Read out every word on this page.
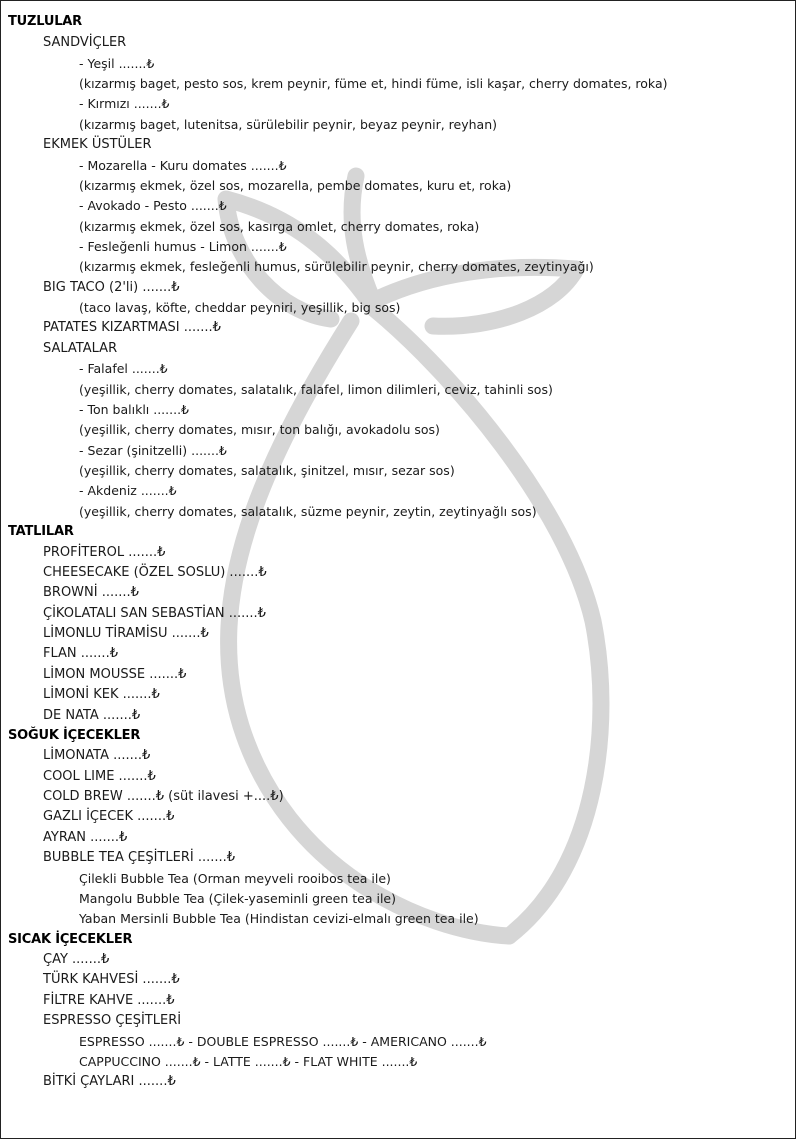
TUZLULAR
SANDVİÇLER
- Yeşil .......₺
(kızarmış baget, pesto sos, krem peynir, füme et, hindi füme, isli kaşar, cherry domates, roka)
- Kırmızı .......₺
(kızarmış baget, lutenitsa, sürülebilir peynir, beyaz peynir, reyhan)
EKMEK ÜSTÜLER
- Mozarella - Kuru domates .......₺
(kızarmış ekmek, özel sos, mozarella, pembe domates, kuru et, roka)
- Avokado - Pesto .......₺
(kızarmış ekmek, özel sos, kasırga omlet, cherry domates, roka)
- Fesleğenli humus - Limon .......₺
(kızarmış ekmek, fesleğenli humus, sürülebilir peynir, cherry domates, zeytinyağı)
BIG TACO (2'li) .......₺
(taco lavaş, köfte, cheddar peyniri, yeşillik, big sos)
PATATES KIZARTMASI .......₺
SALATALAR
- Falafel .......₺
(yeşillik, cherry domates, salatalık, falafel, limon dilimleri, ceviz, tahinli sos)
- Ton balıklı .......₺
(yeşillik, cherry domates, mısır, ton balığı, avokadolu sos)
- Sezar (şinitzelli) .......₺
(yeşillik, cherry domates, salatalık, şinitzel, mısır, sezar sos)
- Akdeniz .......₺
(yeşillik, cherry domates, salatalık, süzme peynir, zeytin, zeytinyağlı sos)
TATLILAR
PROFİTEROL .......₺
CHEESECAKE (ÖZEL SOSLU) .......₺
BROWNİ .......₺
ÇİKOLATALI SAN SEBASTİAN .......₺
LİMONLU TİRAMİSU .......₺
FLAN .......₺
LİMON MOUSSE .......₺
LİMONİ KEK .......₺
DE NATA .......₺
SOĞUK İÇECEKLER
LİMONATA .......₺
COOL LIME .......₺
COLD BREW .......₺ (süt ilavesi +....₺)
GAZLI İÇECEK .......₺
AYRAN .......₺
BUBBLE TEA ÇEŞİTLERİ .......₺
Çilekli Bubble Tea (Orman meyveli rooibos tea ile)
Mangolu Bubble Tea (Çilek-yaseminli green tea ile)
Yaban Mersinli Bubble Tea (Hindistan cevizi-elmalı green tea ile)
SICAK İÇECEKLER
ÇAY .......₺
TÜRK KAHVESİ .......₺
FİLTRE KAHVE .......₺
ESPRESSO ÇEŞİTLERİ
ESPRESSO .......₺ - DOUBLE ESPRESSO .......₺ - AMERICANO .......₺
CAPPUCCINO .......₺ - LATTE .......₺ - FLAT WHITE .......₺
BİTKİ ÇAYLARI .......₺
